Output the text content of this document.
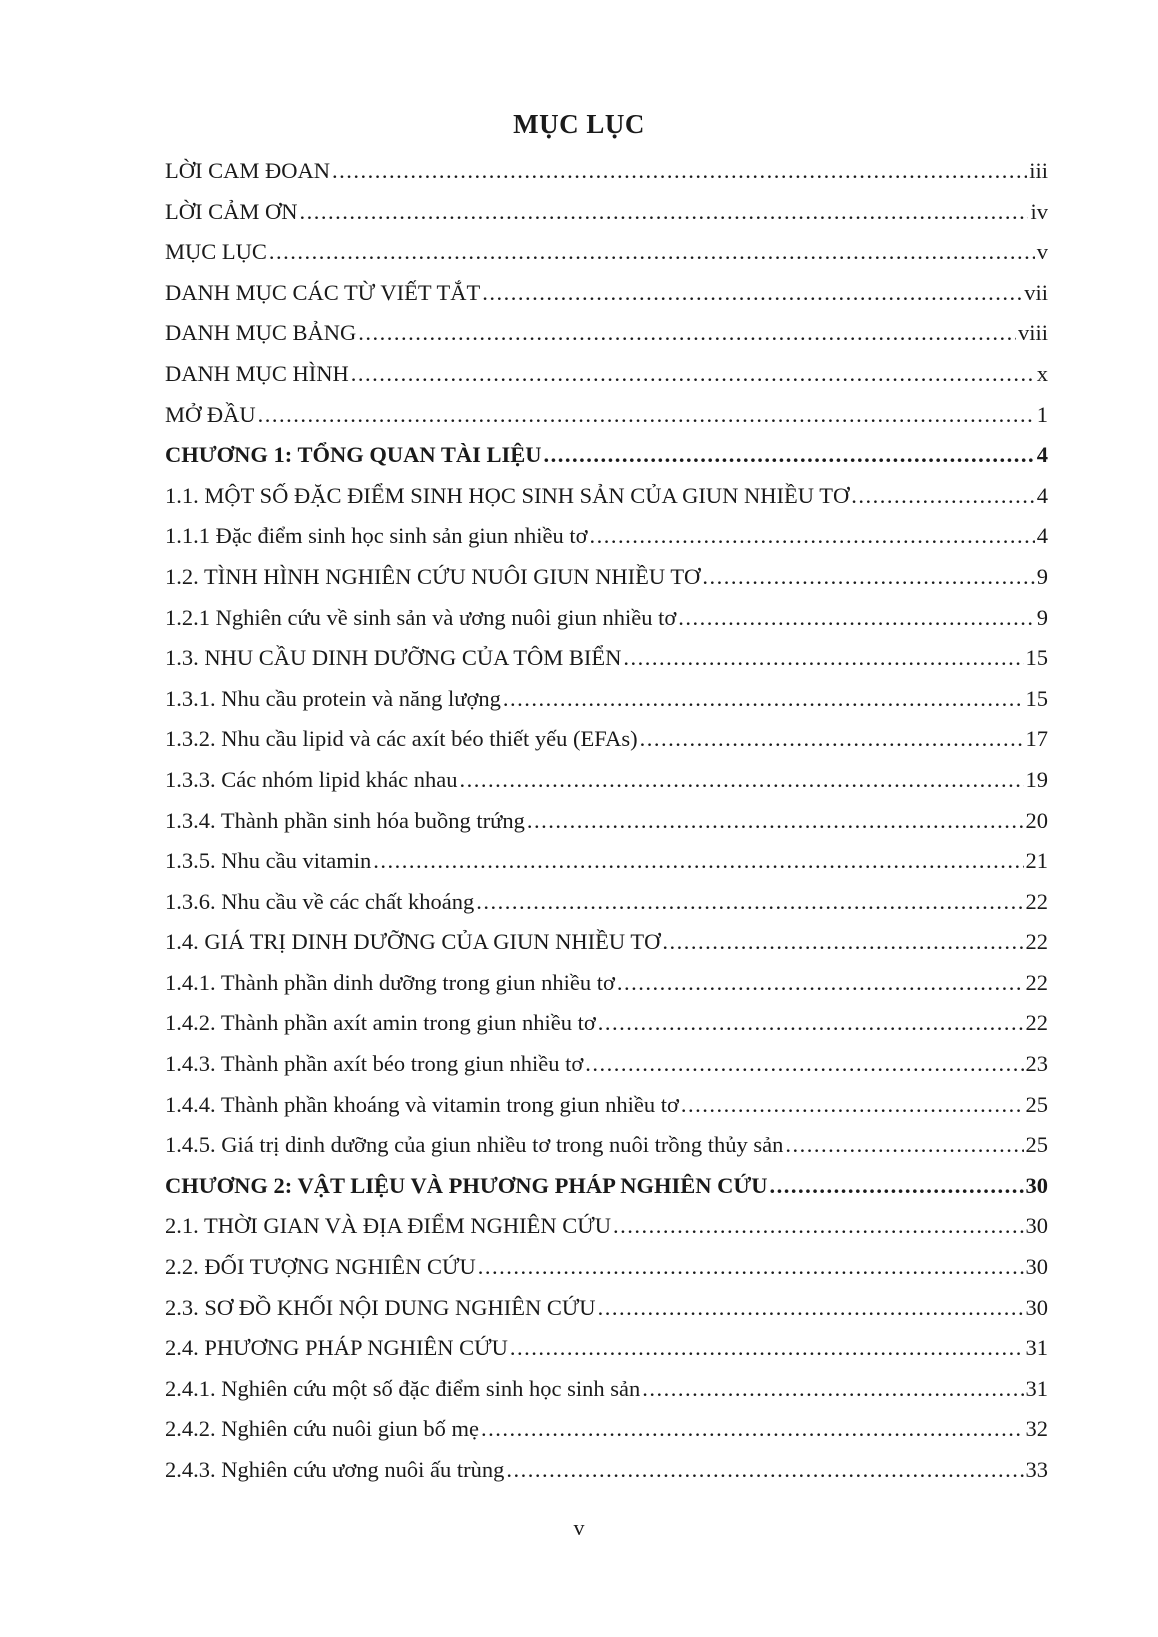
MỤC LỤC
LỜI CAM ĐOAN .....	iii
LỜI CẢM ƠN .....	iv
MỤC LỤC .....	v
DANH MỤC CÁC TỪ VIẾT TẮT .....	vii
DANH MỤC BẢNG .....	viii
DANH MỤC HÌNH .....	x
MỞ ĐẦU .....	1
CHƯƠNG 1: TỔNG QUAN TÀI LIỆU .....	4
1.1. MỘT SỐ ĐẶC ĐIỂM SINH HỌC SINH SẢN CỦA GIUN NHIỀU TƠ .....	4
1.1.1 Đặc điểm sinh học sinh sản giun nhiều tơ .....	4
1.2. TÌNH HÌNH NGHIÊN CỨU NUÔI GIUN NHIỀU TƠ .....	9
1.2.1 Nghiên cứu về sinh sản và ương nuôi giun nhiều tơ .....	9
1.3. NHU CẦU DINH DƯỠNG CỦA TÔM BIỂN .....	15
1.3.1. Nhu cầu protein và năng lượng .....	15
1.3.2. Nhu cầu lipid và các axít béo thiết yếu (EFAs) .....	17
1.3.3. Các nhóm lipid khác nhau .....	19
1.3.4. Thành phần sinh hóa buồng trứng .....	20
1.3.5. Nhu cầu vitamin .....	21
1.3.6. Nhu cầu về các chất khoáng .....	22
1.4. GIÁ TRỊ DINH DƯỠNG CỦA GIUN NHIỀU TƠ .....	22
1.4.1. Thành phần dinh dưỡng trong giun nhiều tơ .....	22
1.4.2. Thành phần axít amin trong giun nhiều tơ .....	22
1.4.3. Thành phần axít béo trong giun nhiều tơ .....	23
1.4.4. Thành phần khoáng và vitamin trong giun nhiều tơ .....	25
1.4.5. Giá trị dinh dưỡng của giun nhiều tơ trong nuôi trồng thủy sản .....	25
CHƯƠNG 2: VẬT LIỆU VÀ PHƯƠNG PHÁP NGHIÊN CỨU .....	30
2.1. THỜI GIAN VÀ ĐỊA ĐIỂM NGHIÊN CỨU .....	30
2.2. ĐỐI TƯỢNG NGHIÊN CỨU .....	30
2.3. SƠ ĐỒ KHỐI NỘI DUNG NGHIÊN CỨU .....	30
2.4. PHƯƠNG PHÁP NGHIÊN CỨU .....	31
2.4.1. Nghiên cứu một số đặc điểm sinh học sinh sản .....	31
2.4.2. Nghiên cứu nuôi giun bố mẹ .....	32
2.4.3. Nghiên cứu ương nuôi ấu trùng .....	33
v
